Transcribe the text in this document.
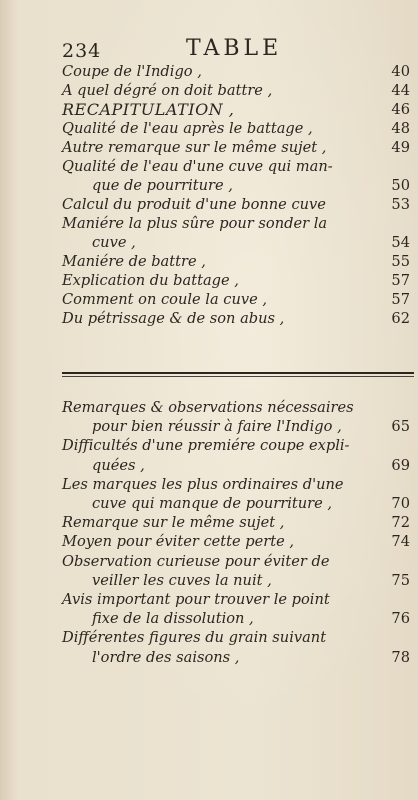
234	TABLE
Coupe de l'Indigo ,	40
A quel dégré on doit battre ,	44
RECAPITULATION ,	46
Qualité de l'eau après le battage ,	48
Autre remarque sur le même sujet ,	49
Qualité de l'eau d'une cuve qui man-
que de pourriture ,	50
Calcul du produit d'une bonne cuve	53
Maniére la plus sûre pour sonder la
cuve ,	54
Maniére de battre ,	55
Explication du battage ,	57
Comment on coule la cuve ,	57
Du pétrissage & de son abus ,	62
Remarques & observations nécessaires
pour bien réussir à faire l'Indigo ,	65
Difficultés d'une premiére coupe expli-
quées ,	69
Les marques les plus ordinaires d'une
cuve qui manque de pourriture ,	70
Remarque sur le même sujet ,	72
Moyen pour éviter cette perte ,	74
Observation curieuse pour éviter de
veiller les cuves la nuit ,	75
Avis important pour trouver le point
fixe de la dissolution ,	76
Différentes figures du grain suivant
l'ordre des saisons ,	78
